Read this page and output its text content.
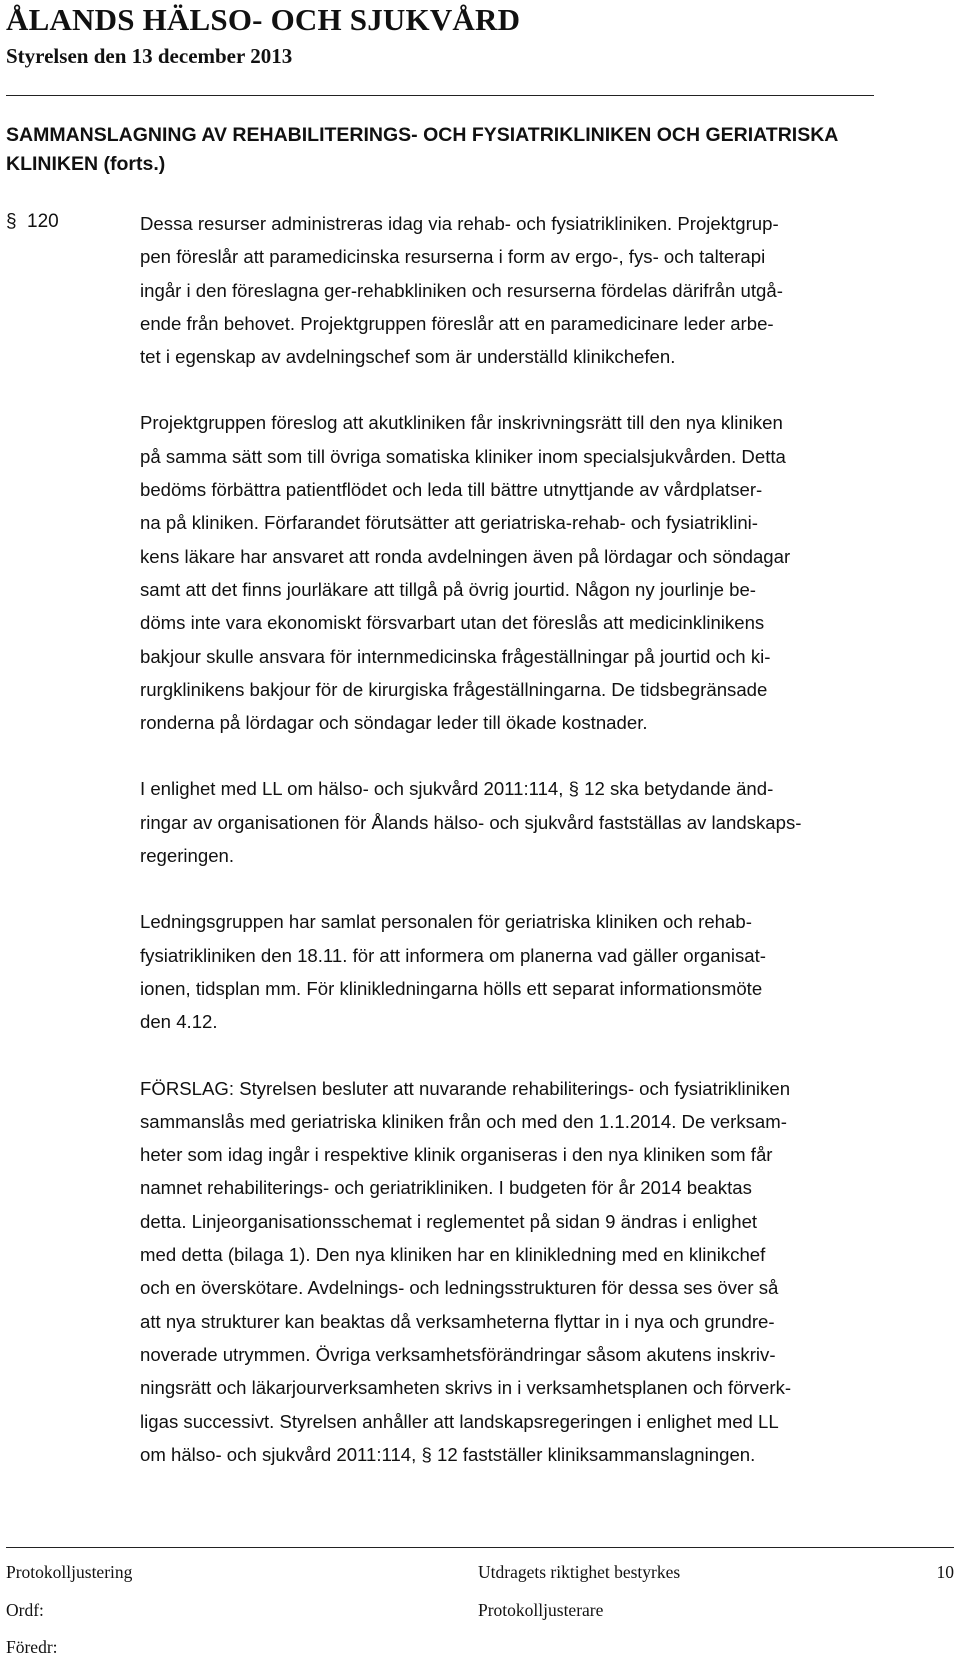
ÅLANDS HÄLSO- OCH SJUKVÅRD
Styrelsen den 13 december 2013
SAMMANSLAGNING AV REHABILITERINGS- OCH FYSIATRIKLINIKEN OCH GERIATRISKA
KLINIKEN (forts.)
§ 120	Dessa resurser administreras idag via rehab- och fysiatrikliniken. Projektgrup-
pen föreslår att paramedicinska resurserna i form av ergo-, fys- och talterapi
ingår i den föreslagna ger-rehabkliniken och resurserna fördelas därifrån utgå-
ende från behovet. Projektgruppen föreslår att en paramedicinare leder arbe-
tet i egenskap av avdelningschef som är underställd klinikchefen.

Projektgruppen föreslog att akutkliniken får inskrivningsrätt till den nya kliniken
på samma sätt som till övriga somatiska kliniker inom specialsjukvården. Detta
bedöms förbättra patientflödet och leda till bättre utnyttjande av vårdplatser-
na på kliniken. Förfarandet förutsätter att geriatriska-rehab- och fysiatriklini-
kens läkare har ansvaret att ronda avdelningen även på lördagar och söndagar
samt att det finns jourläkare att tillgå på övrig jourtid. Någon ny jourlinje be-
döms inte vara ekonomiskt försvarbart utan det föreslås att medicinklinikens
bakjour skulle ansvara för internmedicinska frågeställningar på jourtid och ki-
rurgklinikens bakjour för de kirurgiska frågeställningarna. De tidsbegränsade
ronderna på lördagar och söndagar leder till ökade kostnader.

I enlighet med LL om hälso- och sjukvård 2011:114, § 12 ska betydande änd-
ringar av organisationen för Ålands hälso- och sjukvård fastställas av landskaps-
regeringen.

Ledningsgruppen har samlat personalen för geriatriska kliniken och rehab-
fysiatrikliniken den 18.11. för att informera om planerna vad gäller organisat-
ionen, tidsplan mm. För klinikledningarna hölls ett separat informationsmöte
den 4.12.

FÖRSLAG: Styrelsen besluter att nuvarande rehabiliterings- och fysiatrikliniken
sammanslås med geriatriska kliniken från och med den 1.1.2014. De verksam-
heter som idag ingår i respektive klinik organiseras i den nya kliniken som får
namnet rehabiliterings- och geriatrikliniken. I budgeten för år 2014 beaktas
detta. Linjeorganisationsschemat i reglementet på sidan 9 ändras i enlighet
med detta (bilaga 1). Den nya kliniken har en klinikledning med en klinikchef
och en överskötare. Avdelnings- och ledningsstrukturen för dessa ses över så
att nya strukturer kan beaktas då verksamheterna flyttar in i nya och grundre-
noverade utrymmen. Övriga verksamhetsförändringar såsom akutens inskriv-
ningsrätt och läkarjourverksamheten skrivs in i verksamhetsplanen och förverk-
ligas successivt. Styrelsen anhåller att landskapsregeringen i enlighet med LL
om hälso- och sjukvård 2011:114, § 12 fastställer kliniksammanslagningen.

Protokolljustering
Ordf:
Föredr:
Utdragets riktighet bestyrkes
Protokolljusterare
10
